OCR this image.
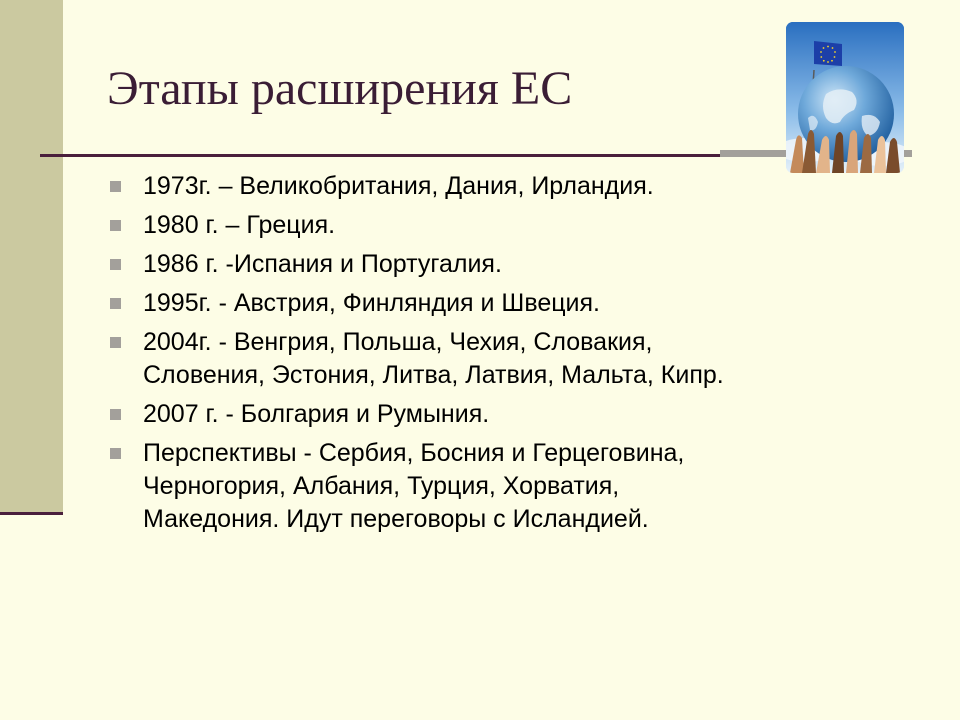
Этапы расширения ЕС
1973г. – Великобритания, Дания, Ирландия.
1980 г. – Греция.
1986 г. -Испания и Португалия.
1995г. - Австрия, Финляндия и Швеция.
2004г. - Венгрия, Польша, Чехия, Словакия,
Словения, Эстония, Литва, Латвия, Мальта, Кипр.
2007 г. - Болгария и Румыния.
Перспективы - Сербия, Босния и Герцеговина,
Черногория, Албания, Турция, Хорватия,
Македония. Идут переговоры с Исландией.
